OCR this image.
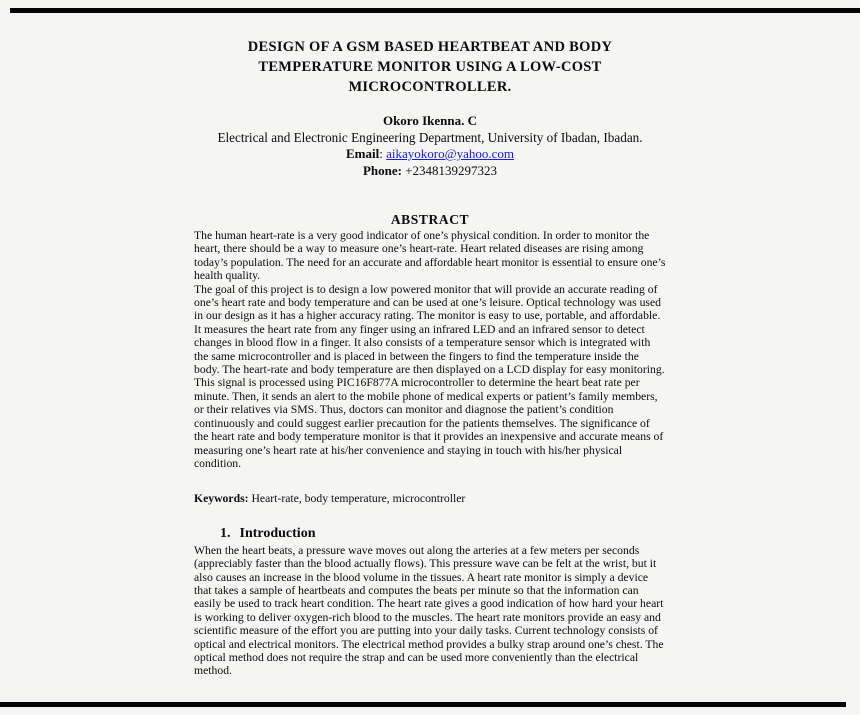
DESIGN OF A GSM BASED HEARTBEAT AND BODY
TEMPERATURE MONITOR USING A LOW-COST
MICROCONTROLLER.
Okoro Ikenna. C
Electrical and Electronic Engineering Department, University of Ibadan, Ibadan.
Email: aikayokoro@yahoo.com
Phone: +2348139297323
ABSTRACT

The human heart-rate is a very good indicator of one’s physical condition. In order to monitor the heart, there should be a way to measure one’s heart-rate. Heart related diseases are rising among today’s population. The need for an accurate and affordable heart monitor is essential to ensure one’s health quality.

The goal of this project is to design a low powered monitor that will provide an accurate reading of one’s heart rate and body temperature and can be used at one’s leisure. Optical technology was used in our design as it has a higher accuracy rating. The monitor is easy to use, portable, and affordable. It measures the heart rate from any finger using an infrared LED and an infrared sensor to detect changes in blood flow in a finger. It also consists of a temperature sensor which is integrated with the same microcontroller and is placed in between the fingers to find the temperature inside the body. The heart-rate and body temperature are then displayed on a LCD display for easy monitoring. This signal is processed using PIC16F877A microcontroller to determine the heart beat rate per minute. Then, it sends an alert to the mobile phone of medical experts or patient’s family members, or their relatives via SMS. Thus, doctors can monitor and diagnose the patient’s condition continuously and could suggest earlier precaution for the patients themselves. The significance of the heart rate and body temperature monitor is that it provides an inexpensive and accurate means of measuring one’s heart rate at his/her convenience and staying in touch with his/her physical condition.

Keywords: Heart-rate, body temperature, microcontroller
1. Introduction

When the heart beats, a pressure wave moves out along the arteries at a few meters per seconds (appreciably faster than the blood actually flows). This pressure wave can be felt at the wrist, but it also causes an increase in the blood volume in the tissues. A heart rate monitor is simply a device that takes a sample of heartbeats and computes the beats per minute so that the information can easily be used to track heart condition. The heart rate gives a good indication of how hard your heart is working to deliver oxygen-rich blood to the muscles. The heart rate monitors provide an easy and scientific measure of the effort you are putting into your daily tasks. Current technology consists of optical and electrical monitors. The electrical method provides a bulky strap around one’s chest. The optical method does not require the strap and can be used more conveniently than the electrical method.
